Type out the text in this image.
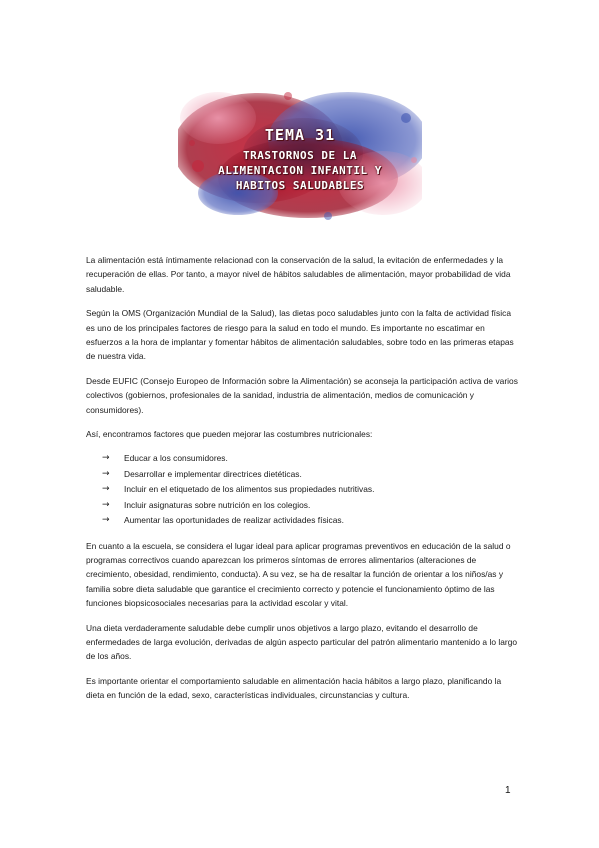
TEMA 31
TRASTORNOS DE LA
ALIMENTACION INFANTIL Y
HABITOS SALUDABLES

La alimentación está íntimamente relacionad con la conservación de la salud, la evitación de enfermedades y la recuperación de ellas. Por tanto, a mayor nivel de hábitos saludables de alimentación, mayor probabilidad de vida saludable.

Según la OMS (Organización Mundial de la Salud), las dietas poco saludables junto con la falta de actividad física es uno de los principales factores de riesgo para la salud en todo el mundo. Es importante no escatimar en esfuerzos a la hora de implantar y fomentar hábitos de alimentación saludables, sobre todo en las primeras etapas de nuestra vida.

Desde EUFIC (Consejo Europeo de Información sobre la Alimentación) se aconseja la participación activa de varios colectivos (gobiernos, profesionales de la sanidad, industria de alimentación, medios de comunicación y consumidores).

Así, encontramos factores que pueden mejorar las costumbres nutricionales:

→ Educar a los consumidores.
→ Desarrollar e implementar directrices dietéticas.
→ Incluir en el etiquetado de los alimentos sus propiedades nutritivas.
→ Incluir asignaturas sobre nutrición en los colegios.
→ Aumentar las oportunidades de realizar actividades físicas.

En cuanto a la escuela, se considera el lugar ideal para aplicar programas preventivos en educación de la salud o programas correctivos cuando aparezcan los primeros síntomas de errores alimentarios (alteraciones de crecimiento, obesidad, rendimiento, conducta). A su vez, se ha de resaltar la función de orientar a los niños/as y familia sobre dieta saludable que garantice el crecimiento correcto y potencie el funcionamiento óptimo de las funciones biopsicosociales necesarias para la actividad escolar y vital.

Una dieta verdaderamente saludable debe cumplir unos objetivos a largo plazo, evitando el desarrollo de enfermedades de larga evolución, derivadas de algún aspecto particular del patrón alimentario mantenido a lo largo de los años.

Es importante orientar el comportamiento saludable en alimentación hacia hábitos a largo plazo, planificando la dieta en función de la edad, sexo, características individuales, circunstancias y cultura.

1
